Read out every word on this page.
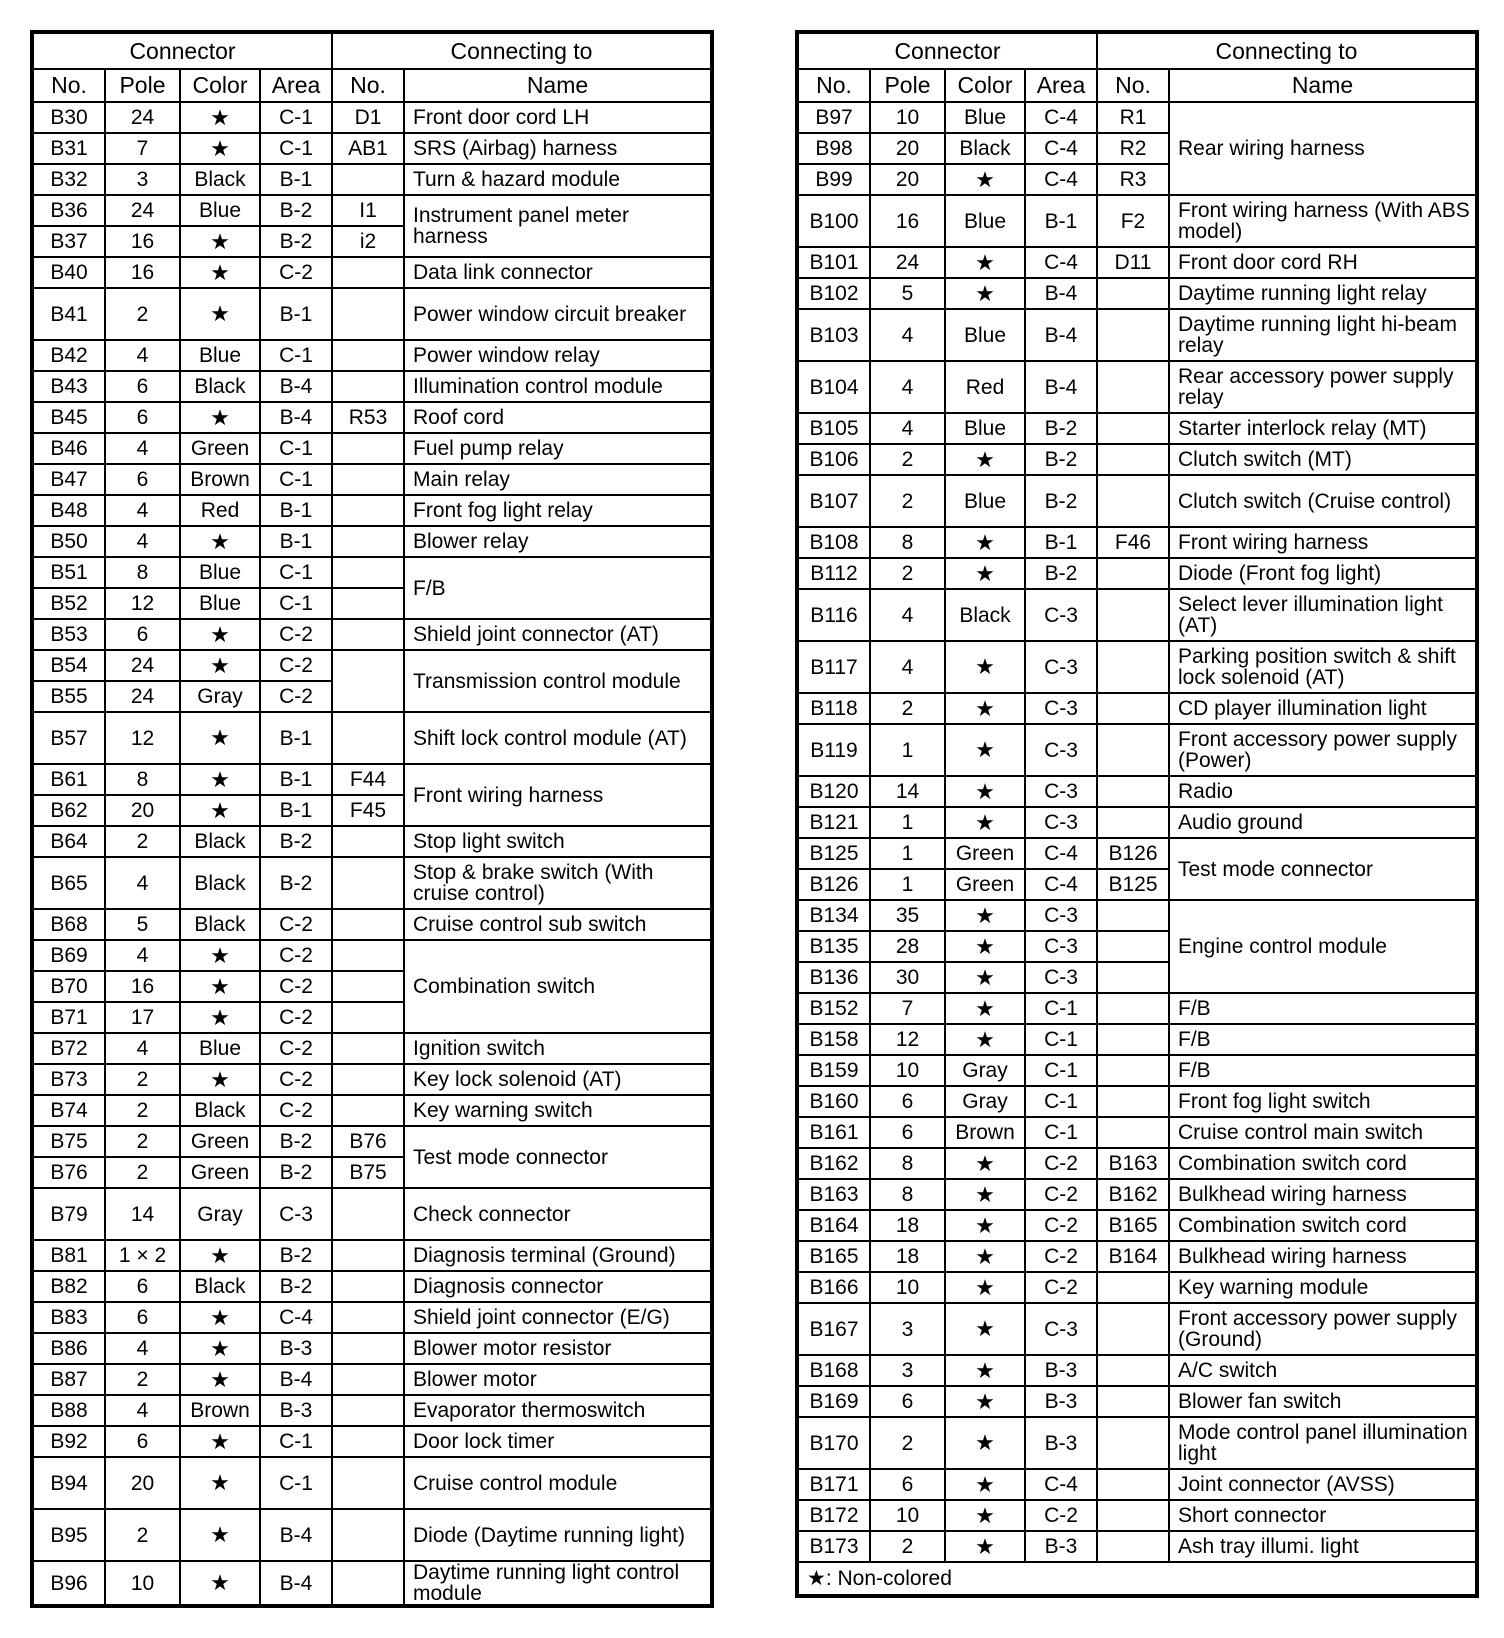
Connector				Connecting to	
No.	Pole	Color	Area	No.	Name
B30	24	★	C-1	D1	Front door cord LH
B31	7	★	C-1	AB1	SRS (Airbag) harness
B32	3	Black	B-1		Turn & hazard module
B36	24	Blue	B-2	I1	Instrument panel meter harness
B37	16	★	B-2	i2	
B40	16	★	C-2		Data link connector
B41	2	★	B-1		Power window circuit breaker
B42	4	Blue	C-1		Power window relay
B43	6	Black	B-4		Illumination control module
B45	6	★	B-4	R53	Roof cord
B46	4	Green	C-1		Fuel pump relay
B47	6	Brown	C-1		Main relay
B48	4	Red	B-1		Front fog light relay
B50	4	★	B-1		Blower relay
B51	8	Blue	C-1		F/B
B52	12	Blue	C-1		
B53	6	★	C-2		Shield joint connector (AT)
B54	24	★	C-2		Transmission control module
B55	24	Gray	C-2		
B57	12	★	B-1		Shift lock control module (AT)
B61	8	★	B-1	F44	Front wiring harness
B62	20	★	B-1	F45	
B64	2	Black	B-2		Stop light switch
B65	4	Black	B-2		Stop & brake switch (With cruise control)
B68	5	Black	C-2		Cruise control sub switch
B69	4	★	C-2		Combination switch
B70	16	★	C-2		
B71	17	★	C-2		
B72	4	Blue	C-2		Ignition switch
B73	2	★	C-2		Key lock solenoid (AT)
B74	2	Black	C-2		Key warning switch
B75	2	Green	B-2	B76	Test mode connector
B76	2	Green	B-2	B75	
B79	14	Gray	C-3		Check connector
B81	1 × 2	★	B-2		Diagnosis terminal (Ground)
B82	6	Black	B-2		Diagnosis connector
B83	6	★	C-4		Shield joint connector (E/G)
B86	4	★	B-3		Blower motor resistor
B87	2	★	B-4		Blower motor
B88	4	Brown	B-3		Evaporator thermoswitch
B92	6	★	C-1		Door lock timer
B94	20	★	C-1		Cruise control module
B95	2	★	B-4		Diode (Daytime running light)
B96	10	★	B-4		Daytime running light control module
Connector				Connecting to	
No.	Pole	Color	Area	No.	Name
B97	10	Blue	C-4	R1	Rear wiring harness
B98	20	Black	C-4	R2	
B99	20	★	C-4	R3	
B100	16	Blue	B-1	F2	Front wiring harness (With ABS model)
B101	24	★	C-4	D11	Front door cord RH
B102	5	★	B-4		Daytime running light relay
B103	4	Blue	B-4		Daytime running light hi-beam relay
B104	4	Red	B-4		Rear accessory power supply relay
B105	4	Blue	B-2		Starter interlock relay (MT)
B106	2	★	B-2		Clutch switch (MT)
B107	2	Blue	B-2		Clutch switch (Cruise control)
B108	8	★	B-1	F46	Front wiring harness
B112	2	★	B-2		Diode (Front fog light)
B116	4	Black	C-3		Select lever illumination light (AT)
B117	4	★	C-3		Parking position switch & shift lock solenoid (AT)
B118	2	★	C-3		CD player illumination light
B119	1	★	C-3		Front accessory power supply (Power)
B120	14	★	C-3		Radio
B121	1	★	C-3		Audio ground
B125	1	Green	C-4	B126	Test mode connector
B126	1	Green	C-4	B125	
B134	35	★	C-3		Engine control module
B135	28	★	C-3		
B136	30	★	C-3		
B152	7	★	C-1		F/B
B158	12	★	C-1		F/B
B159	10	Gray	C-1		F/B
B160	6	Gray	C-1		Front fog light switch
B161	6	Brown	C-1		Cruise control main switch
B162	8	★	C-2	B163	Combination switch cord
B163	8	★	C-2	B162	Bulkhead wiring harness
B164	18	★	C-2	B165	Combination switch cord
B165	18	★	C-2	B164	Bulkhead wiring harness
B166	10	★	C-2		Key warning module
B167	3	★	C-3		Front accessory power supply (Ground)
B168	3	★	B-3		A/C switch
B169	6	★	B-3		Blower fan switch
B170	2	★	B-3		Mode control panel illumination light
B171	6	★	C-4		Joint connector (AVSS)
B172	10	★	C-2		Short connector
B173	2	★	B-3		Ash tray illumi. light
★: Non-colored					
